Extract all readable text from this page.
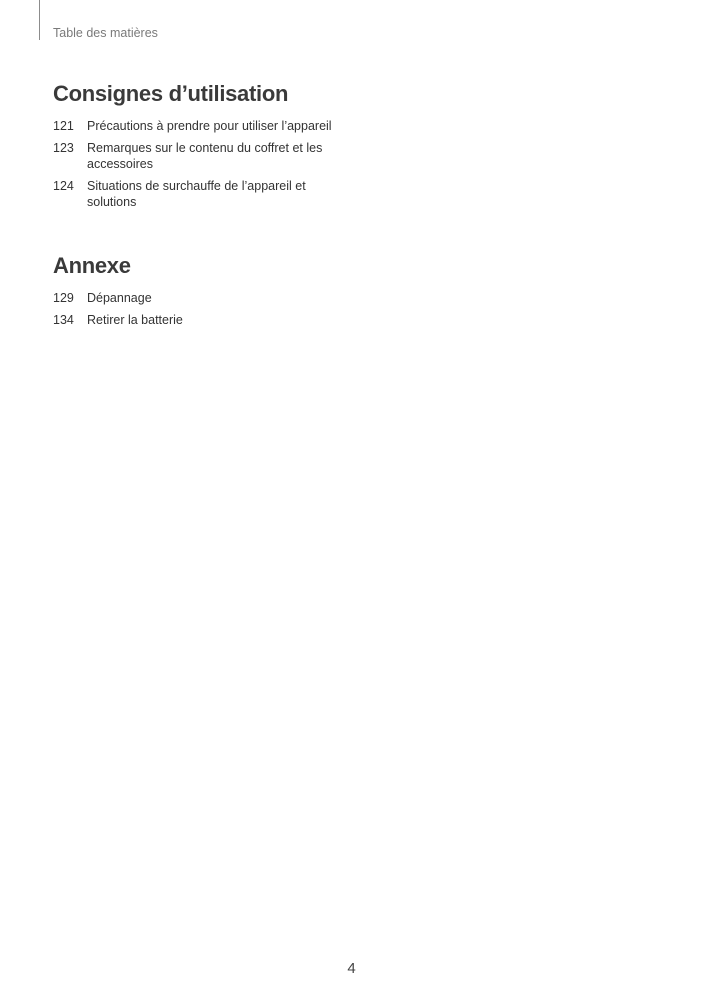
Table des matières
Consignes d’utilisation
121	Précautions à prendre pour utiliser l’appareil
123	Remarques sur le contenu du coffret et les accessoires
124	Situations de surchauffe de l’appareil et solutions
Annexe
129	Dépannage
134	Retirer la batterie
4
